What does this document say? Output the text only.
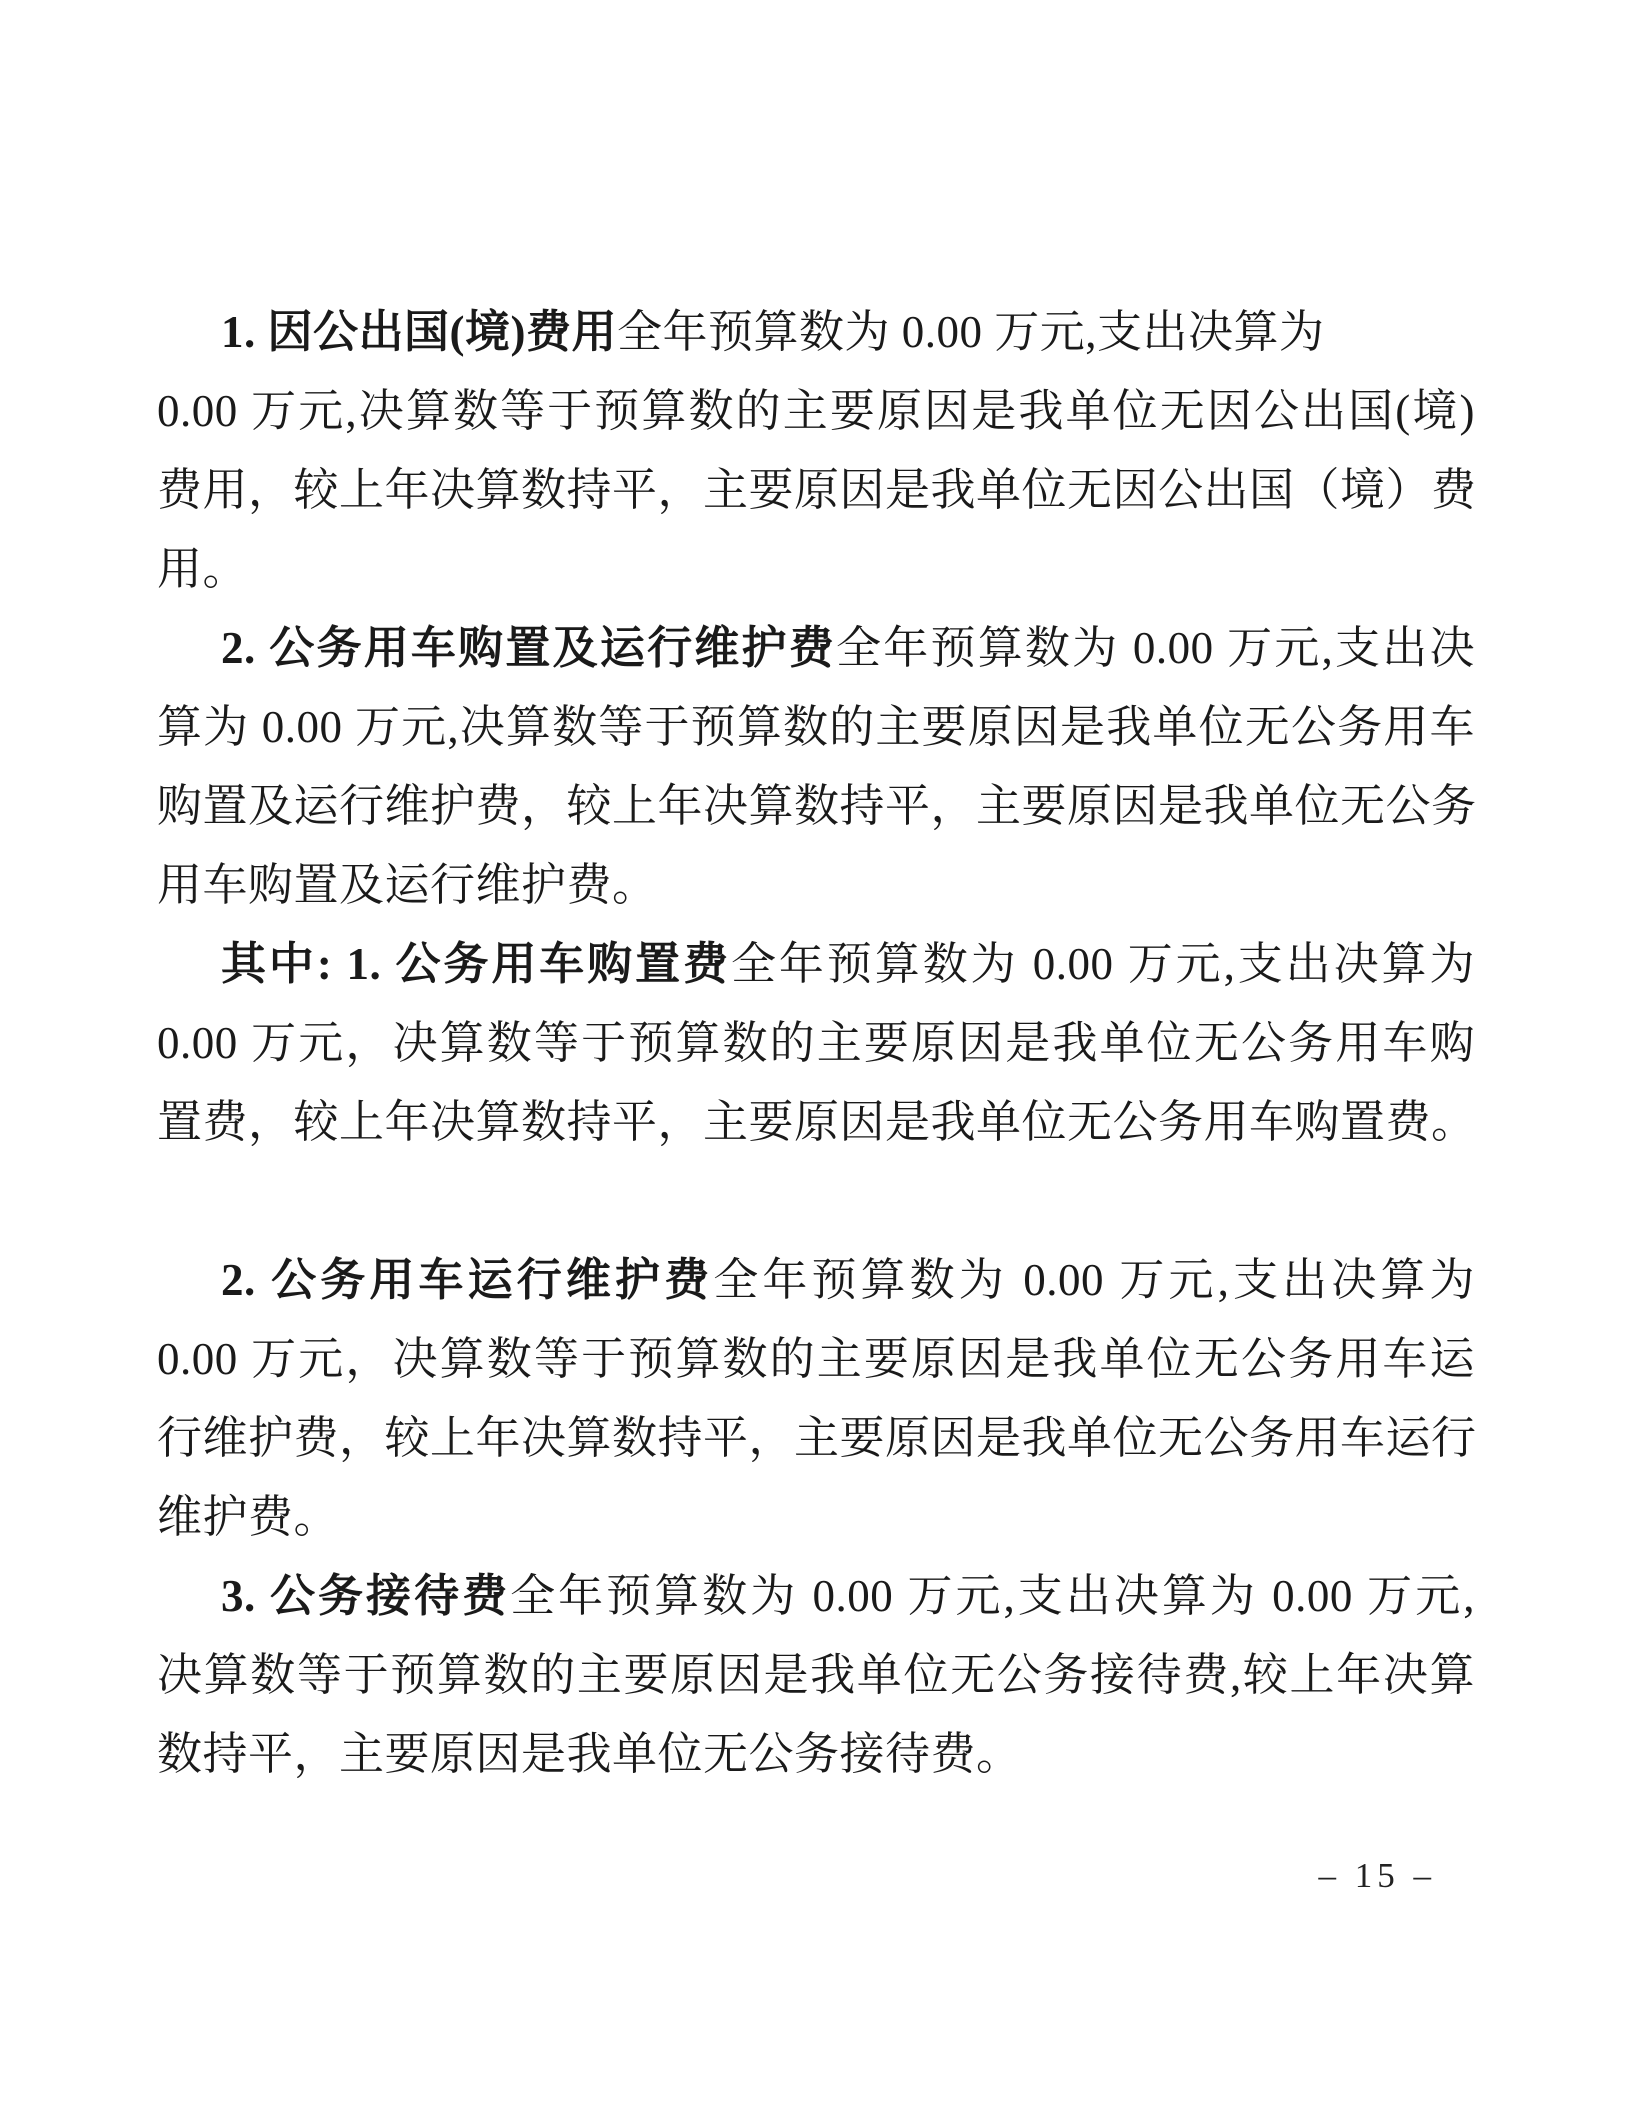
1. 因公出国(境)费用全年预算数为 0.00 万元,支出决算为
0.00 万元,决算数等于预算数的主要原因是我单位无因公出国(境)
费用，较上年决算数持平，主要原因是我单位无因公出国（境）费
用。
2. 公务用车购置及运行维护费全年预算数为 0.00 万元,支出决
算为 0.00 万元,决算数等于预算数的主要原因是我单位无公务用车
购置及运行维护费，较上年决算数持平，主要原因是我单位无公务
用车购置及运行维护费。
其中: 1. 公务用车购置费全年预算数为 0.00 万元,支出决算为
0.00 万元，决算数等于预算数的主要原因是我单位无公务用车购
置费，较上年决算数持平，主要原因是我单位无公务用车购置费。
2. 公务用车运行维护费全年预算数为 0.00 万元,支出决算为
0.00 万元，决算数等于预算数的主要原因是我单位无公务用车运
行维护费，较上年决算数持平，主要原因是我单位无公务用车运行
维护费。
3. 公务接待费全年预算数为 0.00 万元,支出决算为 0.00 万元,
决算数等于预算数的主要原因是我单位无公务接待费,较上年决算
数持平，主要原因是我单位无公务接待费。
– 15 –
